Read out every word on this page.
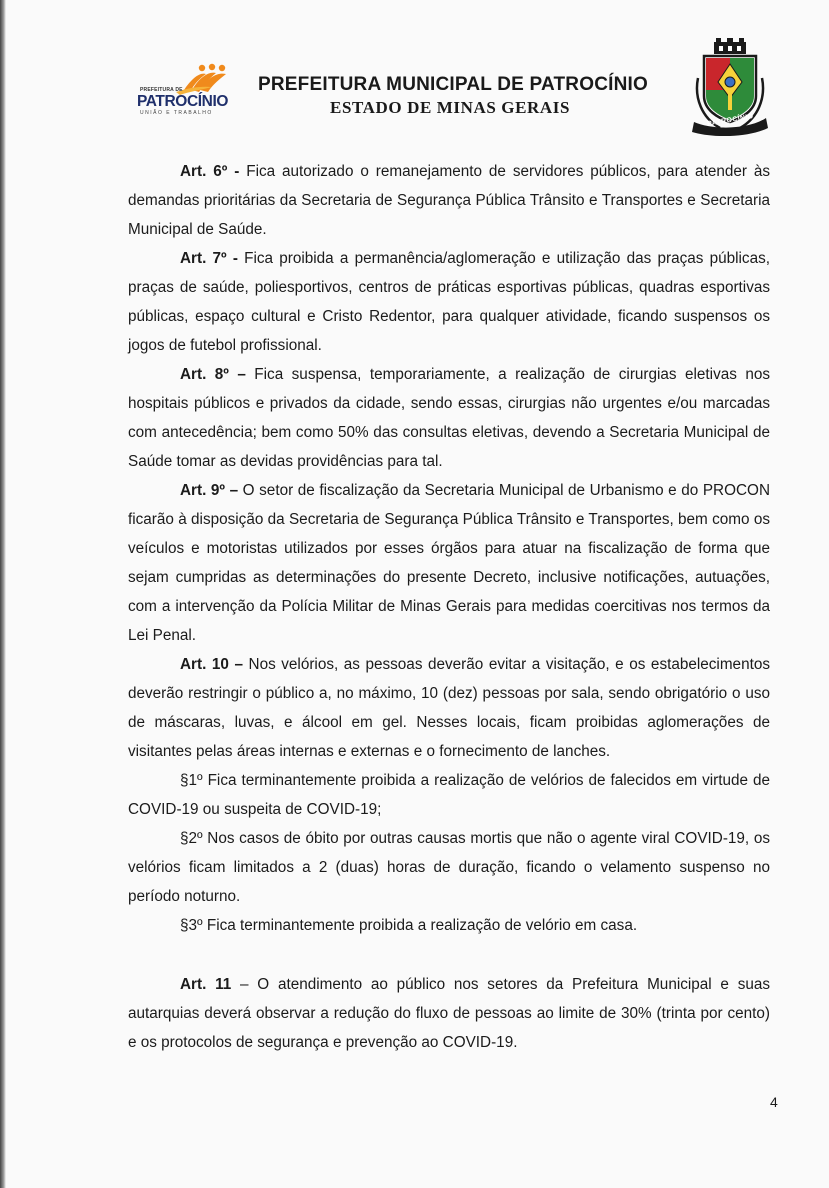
PREFEITURA DE
PATROCÍNIO
UNIÃO E TRABALHO
PREFEITURA MUNICIPAL DE PATROCÍNIO
ESTADO DE MINAS GERAIS
PATROCÍNIO

Art. 6º - Fica autorizado o remanejamento de servidores públicos, para atender às demandas prioritárias da Secretaria de Segurança Pública Trânsito e Transportes e Secretaria Municipal de Saúde.

Art. 7º - Fica proibida a permanência/aglomeração e utilização das praças públicas, praças de saúde, poliesportivos, centros de práticas esportivas públicas, quadras esportivas públicas, espaço cultural e Cristo Redentor, para qualquer atividade, ficando suspensos os jogos de futebol profissional.

Art. 8º – Fica suspensa, temporariamente, a realização de cirurgias eletivas nos hospitais públicos e privados da cidade, sendo essas, cirurgias não urgentes e/ou marcadas com antecedência; bem como 50% das consultas eletivas, devendo a Secretaria Municipal de Saúde tomar as devidas providências para tal.

Art. 9º – O setor de fiscalização da Secretaria Municipal de Urbanismo e do PROCON ficarão à disposição da Secretaria de Segurança Pública Trânsito e Transportes, bem como os veículos e motoristas utilizados por esses órgãos para atuar na fiscalização de forma que sejam cumpridas as determinações do presente Decreto, inclusive notificações, autuações, com a intervenção da Polícia Militar de Minas Gerais para medidas coercitivas nos termos da Lei Penal.

Art. 10 – Nos velórios, as pessoas deverão evitar a visitação, e os estabelecimentos deverão restringir o público a, no máximo, 10 (dez) pessoas por sala, sendo obrigatório o uso de máscaras, luvas, e álcool em gel. Nesses locais, ficam proibidas aglomerações de visitantes pelas áreas internas e externas e o fornecimento de lanches.

§1º Fica terminantemente proibida a realização de velórios de falecidos em virtude de COVID-19 ou suspeita de COVID-19;

§2º Nos casos de óbito por outras causas mortis que não o agente viral COVID-19, os velórios ficam limitados a 2 (duas) horas de duração, ficando o velamento suspenso no período noturno.

§3º Fica terminantemente proibida a realização de velório em casa.

Art. 11 – O atendimento ao público nos setores da Prefeitura Municipal e suas autarquias deverá observar a redução do fluxo de pessoas ao limite de 30% (trinta por cento) e os protocolos de segurança e prevenção ao COVID-19.

4
